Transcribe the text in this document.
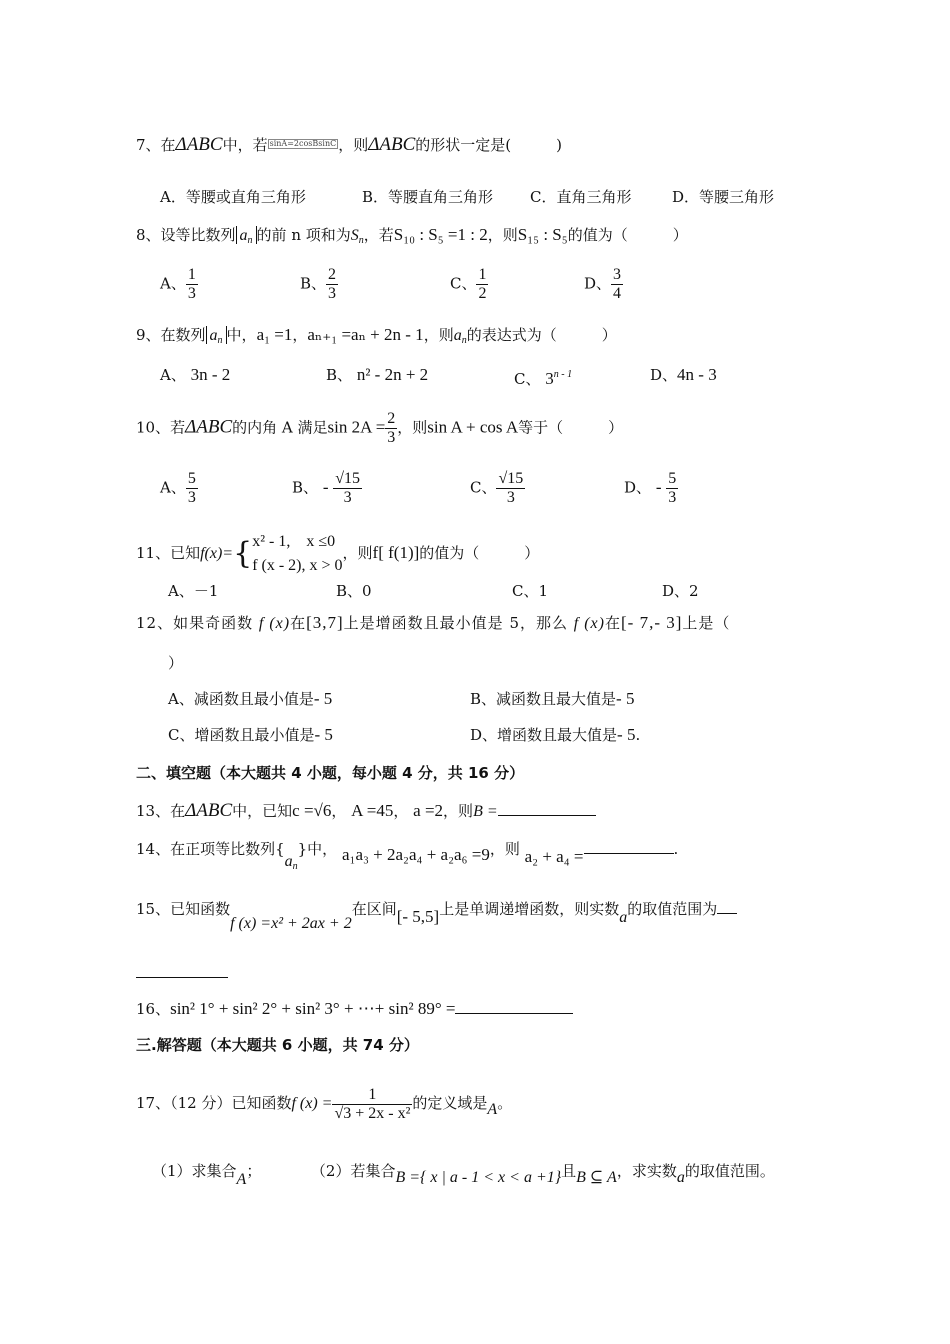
7、在ΔABC中，若 sinA=2cosBsinC ，则ΔABC的形状一定是(　　　)
A．等腰或直角三角形	B．等腰直角三角形 C．直角三角形	D．等腰三角形
8、设等比数列 $a_n$ 的前 n 项和为$S_n$，若S₁₀ : S₅ =1 : 2，则S₁₅ : S₅的值为（　　　）
A、 $\frac{1}{3}$	B、 $\frac{2}{3}$	C、 $\frac{1}{2}$	D、 $\frac{3}{4}$
9、在数列 $a_n$ 中，a₁ =1，aₙ₊₁ =aₙ + 2n - 1，则$a_n$的表达式为（　　　）
A、 3n - 2	B、 n² - 2n + 2	C、 3$^{n - 1}$	D、4n - 3
10、若ΔABC的内角 A 满足$\sin 2A = \frac{2}{3}$ ，则sin A + cos A等于（　　　）
A、 $\frac{5}{3}$	B、 - $\frac{√15}{3}$	C、 $\frac{√15}{3}$	D、 - $\frac{5}{3}$
11、已知f(x)={ x² - 1,　x ≤0
f (x - 2), x > 0
，则f[ f(1)]的值为（　　　）
A、－1	B、0	C、1	D、2
12、如果奇函数 f (x)在[3,7]上是增函数且最小值是 5，那么 f (x)在[- 7,- 3]上是（
）
A、减函数且最小值是- 5	B、减函数且最大值是- 5
C、增函数且最小值是- 5	D、增函数且最大值是- 5.
二、填空题（本大题共 4 小题，每小题 4 分，共 16 分）
13、在ΔABC中，已知c =√6， A =45， a =2，则B =
14、在正项等比数列$\{a_n\}$中， a₁a₃ + 2a₂a₄ + a₂a₆ =9，则 a₂ + a₄ =	.
15、已知函数f (x) =x² + 2ax + 2在区间[- 5,5]上是单调递增函数，则实数a的取值范围为
16、sin² 1° + sin² 2° + sin² 3° + ⋯+ sin² 89° =
三.解答题（本大题共 6 小题，共 74 分）
17、（12 分）已知函数f $(x) = \frac{1}{\text{√3 + 2x - x²}}$ 的定义域是A。
（1）求集合A；	（2）若集合B ={ x | a - 1 < x < a +1}且B ⊆ A，求实数a的取值范围。
